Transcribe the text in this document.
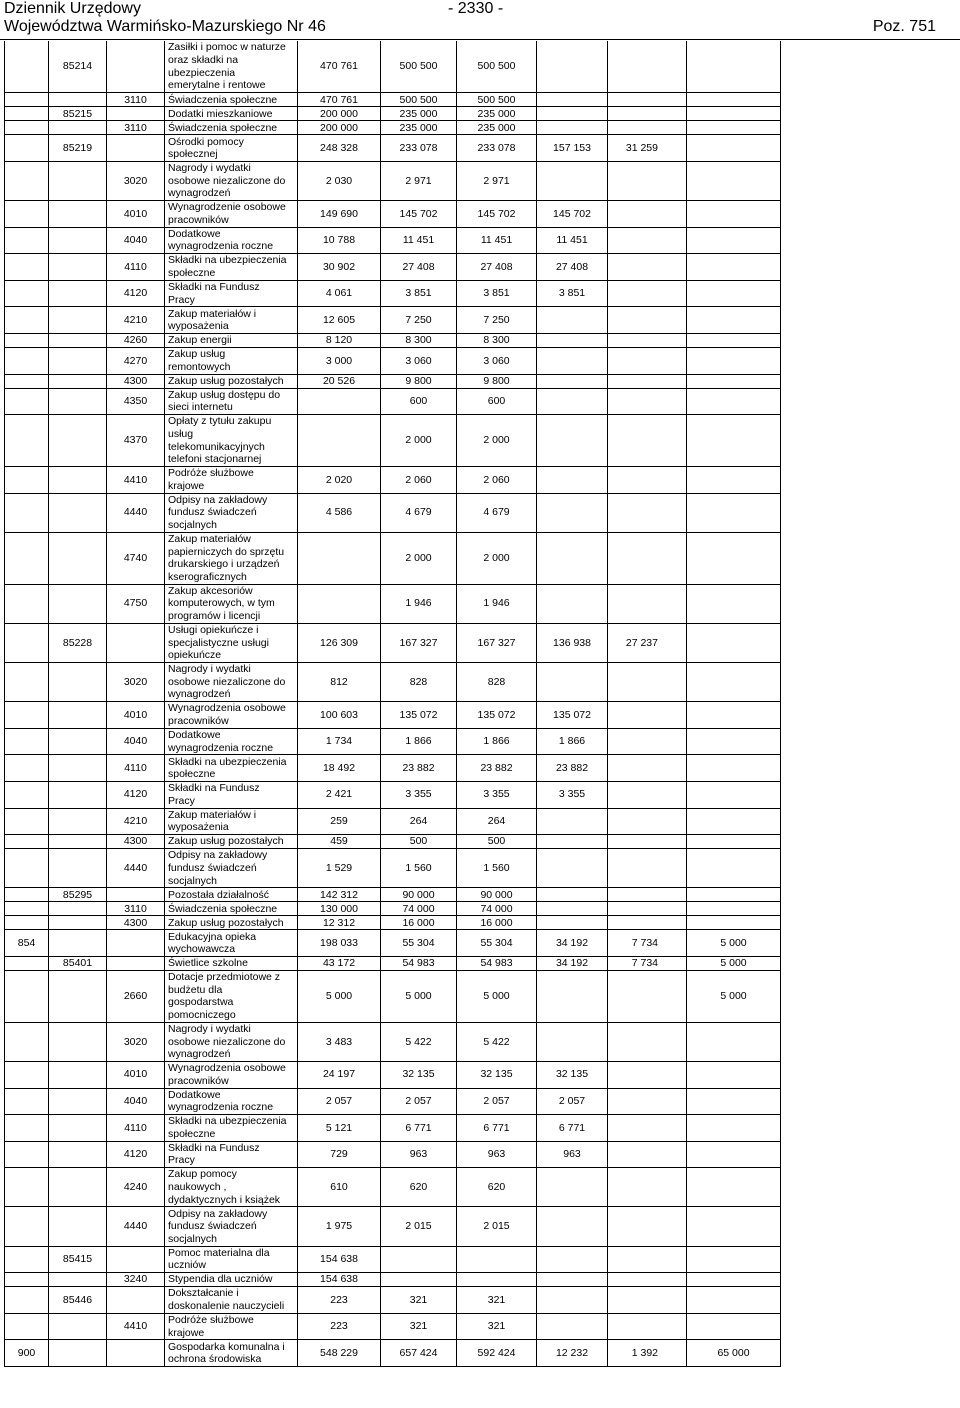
Dziennik Urzędowy	- 2330 -
Województwa Warmińsko-Mazurskiego Nr 46	Poz. 751
	85214		Zasiłki i pomoc w naturze
oraz składki na
ubezpieczenia
emerytalne i rentowe	470 761	500 500	500 500			
		3110	Świadczenia społeczne	470 761	500 500	500 500			
	85215		Dodatki mieszkaniowe	200 000	235 000	235 000			
		3110	Świadczenia społeczne	200 000	235 000	235 000			
	85219		Ośrodki pomocy
społecznej	248 328	233 078	233 078	157 153	31 259	
		3020	Nagrody i wydatki
osobowe niezaliczone do
wynagrodzeń	2 030	2 971	2 971			
		4010	Wynagrodzenie osobowe
pracowników	149 690	145 702	145 702	145 702		
		4040	Dodatkowe
wynagrodzenia roczne	10 788	11 451	11 451	11 451		
		4110	Składki na ubezpieczenia
społeczne	30 902	27 408	27 408	27 408		
		4120	Składki na Fundusz
Pracy	4 061	3 851	3 851	3 851		
		4210	Zakup materiałów i
wyposażenia	12 605	7 250	7 250			
		4260	Zakup energii	8 120	8 300	8 300			
		4270	Zakup usług
remontowych	3 000	3 060	3 060			
		4300	Zakup usług pozostałych	20 526	9 800	9 800			
		4350	Zakup usług dostępu do
sieci internetu		600	600			
		4370	Opłaty z tytułu zakupu
usług
telekomunikacyjnych
telefoni stacjonarnej		2 000	2 000			
		4410	Podróże służbowe
krajowe	2 020	2 060	2 060			
		4440	Odpisy na zakładowy
fundusz świadczeń
socjalnych	4 586	4 679	4 679			
		4740	Zakup materiałów
papierniczych do sprzętu
drukarskiego i urządzeń
kserograficznych		2 000	2 000			
		4750	Zakup akcesoriów
komputerowych, w tym
programów i licencji		1 946	1 946			
	85228		Usługi opiekuńcze i
specjalistyczne usługi
opiekuńcze	126 309	167 327	167 327	136 938	27 237	
		3020	Nagrody i wydatki
osobowe niezaliczone do
wynagrodzeń	812	828	828			
		4010	Wynagrodzenia osobowe
pracowników	100 603	135 072	135 072	135 072		
		4040	Dodatkowe
wynagrodzenia roczne	1 734	1 866	1 866	1 866		
		4110	Składki na ubezpieczenia
społeczne	18 492	23 882	23 882	23 882		
		4120	Składki na Fundusz
Pracy	2 421	3 355	3 355	3 355		
		4210	Zakup materiałów i
wyposażenia	259	264	264			
		4300	Zakup usług pozostałych	459	500	500			
		4440	Odpisy na zakładowy
fundusz świadczeń
socjalnych	1 529	1 560	1 560			
	85295		Pozostała działalność	142 312	90 000	90 000			
		3110	Świadczenia społeczne	130 000	74 000	74 000			
		4300	Zakup usług pozostałych	12 312	16 000	16 000			
854			Edukacyjna opieka
wychowawcza	198 033	55 304	55 304	34 192	7 734	5 000
	85401		Świetlice szkolne	43 172	54 983	54 983	34 192	7 734	5 000
		2660	Dotacje przedmiotowe z
budżetu dla
gospodarstwa
pomocniczego	5 000	5 000	5 000			5 000
		3020	Nagrody i wydatki
osobowe niezaliczone do
wynagrodzeń	3 483	5 422	5 422			
		4010	Wynagrodzenia osobowe
pracowników	24 197	32 135	32 135	32 135		
		4040	Dodatkowe
wynagrodzenia roczne	2 057	2 057	2 057	2 057		
		4110	Składki na ubezpieczenia
społeczne	5 121	6 771	6 771	6 771		
		4120	Składki na Fundusz
Pracy	729	963	963	963		
		4240	Zakup pomocy
naukowych ,
dydaktycznych i książek	610	620	620			
		4440	Odpisy na zakładowy
fundusz świadczeń
socjalnych	1 975	2 015	2 015			
	85415		Pomoc materialna dla
uczniów	154 638					
		3240	Stypendia dla uczniów	154 638					
	85446		Dokształcanie i
doskonalenie nauczycieli	223	321	321			
		4410	Podróże służbowe
krajowe	223	321	321			
900			Gospodarka komunalna i
ochrona środowiska	548 229	657 424	592 424	12 232	1 392	65 000
